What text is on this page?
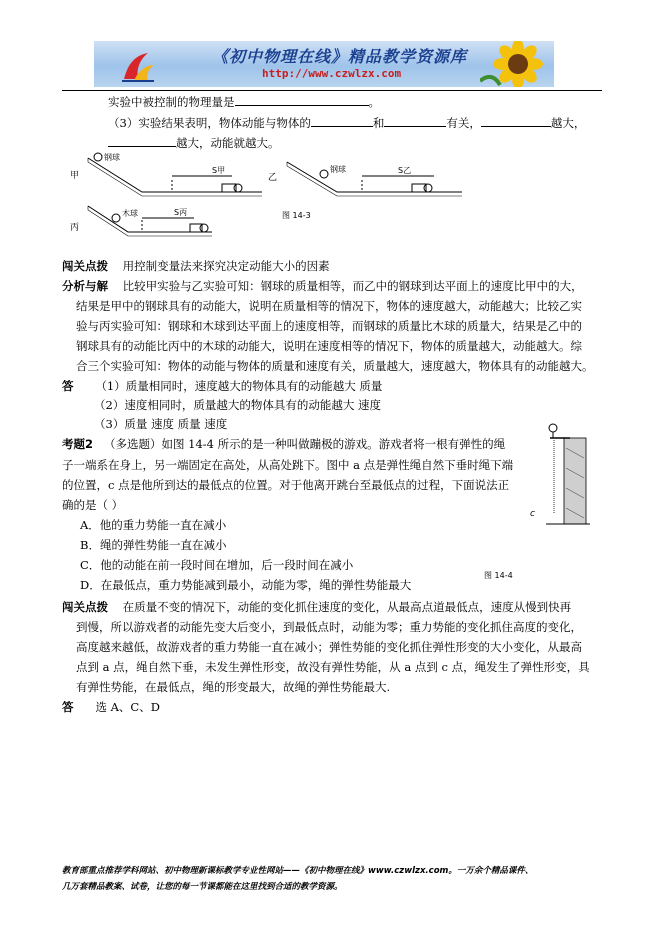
《初中物理在线》精品教学资源库
http://www.czwlzx.com
实验中被控制的物理量是	。
（3）实验结果表明，物体动能与物体的	和	有关，	越大，
越大，动能就越大。
甲
钢球
S甲
乙
钢球	S乙
丙
木球	S丙	图 14-3
闯关点拨 用控制变量法来探究决定动能大小的因素
分析与解 比较甲实验与乙实验可知：钢球的质量相等，而乙中的钢球到达平面上的速度比甲中的大，
结果是甲中的钢球具有的动能大，说明在质量相等的情况下，物体的速度越大，动能越大；比较乙实
验与丙实验可知：钢球和木球到达平面上的速度相等，而钢球的质量比木球的质量大，结果是乙中的
钢球具有的动能比丙中的木球的动能大，说明在速度相等的情况下，物体的质量越大，动能越大。综
合三个实验可知：物体的动能与物体的质量和速度有关，质量越大，速度越大，物体具有的动能越大。
答 （1）质量相同时，速度越大的物体具有的动能越大 质量
（2）速度相同时，质量越大的物体具有的动能越大 速度
（3）质量 速度 质量 速度
考题2 （多选题）如图 14-4 所示的是一种叫做蹦极的游戏。游戏者将一根有弹性的绳
子一端系在身上，另一端固定在高处，从高处跳下。图中 a 点是弹性绳自然下垂时绳下端
的位置，c 点是他所到达的最低点的位置。对于他离开跳台至最低点的过程，下面说法正
确的是（ ）
A．他的重力势能一直在减小
B．绳的弹性势能一直在减小
C．他的动能在前一段时间在增加，后一段时间在减小
D．在最低点，重力势能减到最小，动能为零，绳的弹性势能最大
c
图 14-4
闯关点拨 在质量不变的情况下，动能的变化抓住速度的变化，从最高点道最低点，速度从慢到快再
到慢，所以游戏者的动能先变大后变小，到最低点时，动能为零；重力势能的变化抓住高度的变化，
高度越来越低，故游戏者的重力势能一直在减小；弹性势能的变化抓住弹性形变的大小变化，从最高
点到 a 点，绳自然下垂，未发生弹性形变，故没有弹性势能，从 a 点到 c 点，绳发生了弹性形变，具
有弹性势能，在最低点，绳的形变最大，故绳的弹性势能最大.
答 选 A、C、D
教育部重点推荐学科网站、初中物理新课标教学专业性网站——《初中物理在线》www.czwlzx.com。一万余个精品课件、
几万套精品教案、试卷，让您的每一节课都能在这里找到合适的教学资源。
